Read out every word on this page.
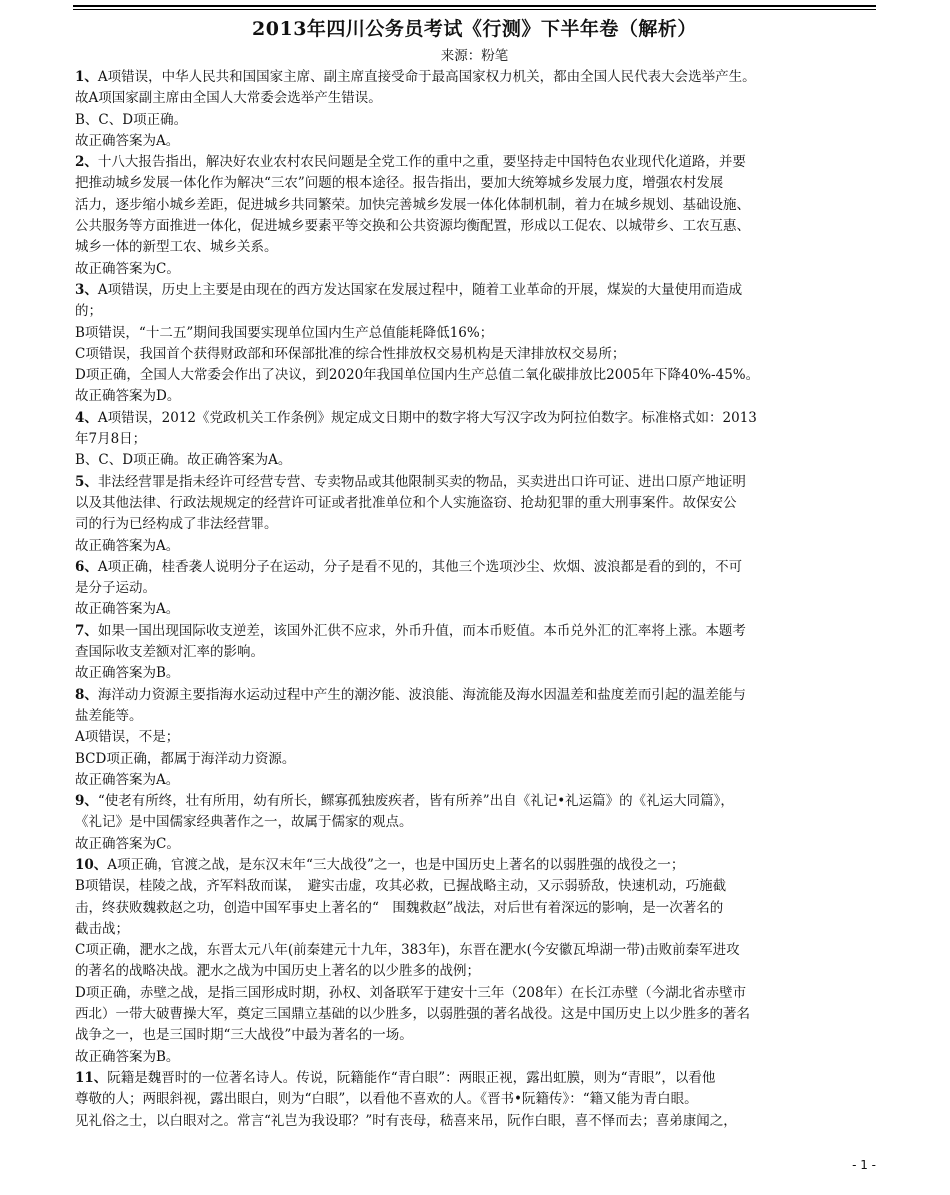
2013年四川公务员考试《行测》下半年卷（解析）
来源：粉笔
1、A项错误，中华人民共和国国家主席、副主席直接受命于最高国家权力机关，都由全国人民代表大会选举产生。
故A项国家副主席由全国人大常委会选举产生错误。
B、C、D项正确。
故正确答案为A。
2、十八大报告指出，解决好农业农村农民问题是全党工作的重中之重，要坚持走中国特色农业现代化道路，并要
把推动城乡发展一体化作为解决“三农”问题的根本途径。报告指出，要加大统筹城乡发展力度，增强农村发展
活力，逐步缩小城乡差距，促进城乡共同繁荣。加快完善城乡发展一体化体制机制，着力在城乡规划、基础设施、
公共服务等方面推进一体化，促进城乡要素平等交换和公共资源均衡配置，形成以工促农、以城带乡、工农互惠、
城乡一体的新型工农、城乡关系。
故正确答案为C。
3、A项错误，历史上主要是由现在的西方发达国家在发展过程中，随着工业革命的开展，煤炭的大量使用而造成
的；
B项错误，“十二五”期间我国要实现单位国内生产总值能耗降低16%；
C项错误，我国首个获得财政部和环保部批准的综合性排放权交易机构是天津排放权交易所；
D项正确，全国人大常委会作出了决议，到2020年我国单位国内生产总值二氧化碳排放比2005年下降40%-45%。
故正确答案为D。
4、A项错误，2012《党政机关工作条例》规定成文日期中的数字将大写汉字改为阿拉伯数字。标准格式如：2013
年7月8日；
B、C、D项正确。故正确答案为A。
5、非法经营罪是指未经许可经营专营、专卖物品或其他限制买卖的物品，买卖进出口许可证、进出口原产地证明
以及其他法律、行政法规规定的经营许可证或者批准单位和个人实施盗窃、抢劫犯罪的重大刑事案件。故保安公
司的行为已经构成了非法经营罪。
故正确答案为A。
6、A项正确，桂香袭人说明分子在运动，分子是看不见的，其他三个选项沙尘、炊烟、波浪都是看的到的，不可
是分子运动。
故正确答案为A。
7、如果一国出现国际收支逆差，该国外汇供不应求，外币升值，而本币贬值。本币兑外汇的汇率将上涨。本题考
查国际收支差额对汇率的影响。
故正确答案为B。
8、海洋动力资源主要指海水运动过程中产生的潮汐能、波浪能、海流能及海水因温差和盐度差而引起的温差能与
盐差能等。
A项错误，不是；
BCD项正确，都属于海洋动力资源。
故正确答案为A。
9、“使老有所终，壮有所用，幼有所长，鳏寡孤独废疾者，皆有所养”出自《礼记•礼运篇》的《礼运大同篇》，
《礼记》是中国儒家经典著作之一，故属于儒家的观点。
故正确答案为C。
10、A项正确，官渡之战，是东汉末年“三大战役”之一，也是中国历史上著名的以弱胜强的战役之一；
B项错误，桂陵之战，齐军料敌而谋，　避实击虚，攻其必救，已握战略主动，又示弱骄敌，快速机动，巧施截
击，终获败魏救赵之功，创造中国军事史上著名的“　围魏救赵”战法，对后世有着深远的影响，是一次著名的
截击战；
C项正确，淝水之战，东晋太元八年(前秦建元十九年，383年)，东晋在淝水(今安徽瓦埠湖一带)击败前秦军进攻
的著名的战略决战。淝水之战为中国历史上著名的以少胜多的战例；
D项正确，赤壁之战，是指三国形成时期，孙权、刘备联军于建安十三年（208年）在长江赤壁（今湖北省赤壁市
西北）一带大破曹操大军，奠定三国鼎立基础的以少胜多，以弱胜强的著名战役。这是中国历史上以少胜多的著名
战争之一，也是三国时期“三大战役”中最为著名的一场。
故正确答案为B。
11、阮籍是魏晋时的一位著名诗人。传说，阮籍能作“青白眼”：两眼正视，露出虹膜，则为“青眼”，以看他
尊敬的人；两眼斜视，露出眼白，则为“白眼”，以看他不喜欢的人。《晋书•阮籍传》：“籍又能为青白眼。
见礼俗之士，以白眼对之。常言“礼岂为我设耶？”时有丧母，嵇喜来吊，阮作白眼，喜不怿而去；喜弟康闻之，
- 1 -
